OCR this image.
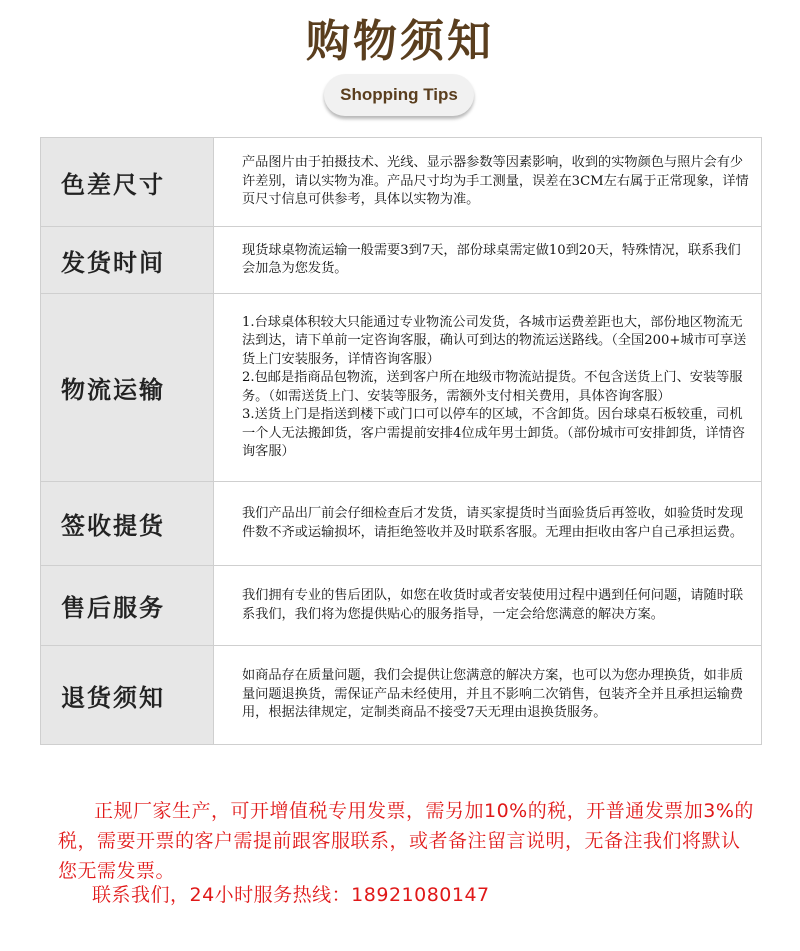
购物须知
Shopping Tips
色差尺寸	产品图片由于拍摄技术、光线、显示器参数等因素影响，收到的实物颜色与照片会有少许差别，请以实物为准。产品尺寸均为手工测量，误差在3CM左右属于正常现象，详情页尺寸信息可供参考，具体以实物为准。

发货时间	现货球桌物流运输一般需要3到7天，部份球桌需定做10到20天，特殊情况，联系我们会加急为您发货。

物流运输	1.台球桌体积较大只能通过专业物流公司发货，各城市运费差距也大，部份地区物流无法到达，请下单前一定咨询客服，确认可到达的物流运送路线。（全国200+城市可享送货上门安装服务，详情咨询客服）

2.包邮是指商品包物流，送到客户所在地级市物流站提货。不包含送货上门、安装等服务。（如需送货上门、安装等服务，需额外支付相关费用，具体咨询客服）

3.送货上门是指送到楼下或门口可以停车的区域，不含卸货。因台球桌石板较重，司机一个人无法搬卸货，客户需提前安排4位成年男士卸货。（部份城市可安排卸货，详情咨询客服）

签收提货	我们产品出厂前会仔细检查后才发货，请买家提货时当面验货后再签收，如验货时发现件数不齐或运输损坏，请拒绝签收并及时联系客服。无理由拒收由客户自己承担运费。

售后服务	我们拥有专业的售后团队，如您在收货时或者安装使用过程中遇到任何问题，请随时联系我们，我们将为您提供贴心的服务指导，一定会给您满意的解决方案。

退货须知	如商品存在质量问题，我们会提供让您满意的解决方案，也可以为您办理换货，如非质量问题退换货，需保证产品未经使用，并且不影响二次销售，包装齐全并且承担运输费用，根据法律规定，定制类商品不接受7天无理由退换货服务。

正规厂家生产，可开增值税专用发票，需另加10%的税，开普通发票加3%的税，需要开票的客户需提前跟客服联系，或者备注留言说明，无备注我们将默认您无需发票。
联系我们，24小时服务热线：18921080147
